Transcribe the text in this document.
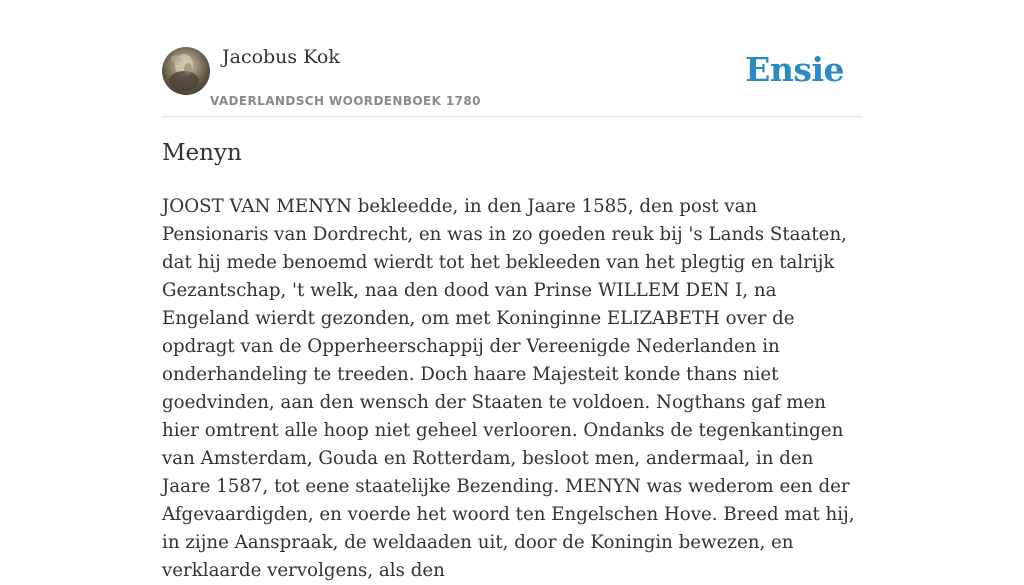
Jacobus Kok
VADERLANDSCH WOORDENBOEK 1780
Ensie
Menyn

JOOST VAN MENYN bekleedde, in den Jaare 1585, den post van Pensionaris van Dordrecht, en was in zo goeden reuk bij 's Lands Staaten, dat hij mede benoemd wierdt tot het bekleeden van het plegtig en talrijk Gezantschap, 't welk, naa den dood van Prinse WILLEM DEN I, na Engeland wierdt gezonden, om met Koninginne ELIZABETH over de opdragt van de Opperheerschappij der Vereenigde Nederlanden in onderhandeling te treeden. Doch haare Majesteit konde thans niet goedvinden, aan den wensch der Staaten te voldoen. Nogthans gaf men hier omtrent alle hoop niet geheel verlooren. Ondanks de tegenkantingen van Amsterdam, Gouda en Rotterdam, besloot men, andermaal, in den Jaare 1587, tot eene staatelijke Bezending. MENYN was wederom een der Afgevaardigden, en voerde het woord ten Engelschen Hove. Breed mat hij, in zijne Aanspraak, de weldaaden uit, door de Koningin bewezen, en verklaarde vervolgens, als den
